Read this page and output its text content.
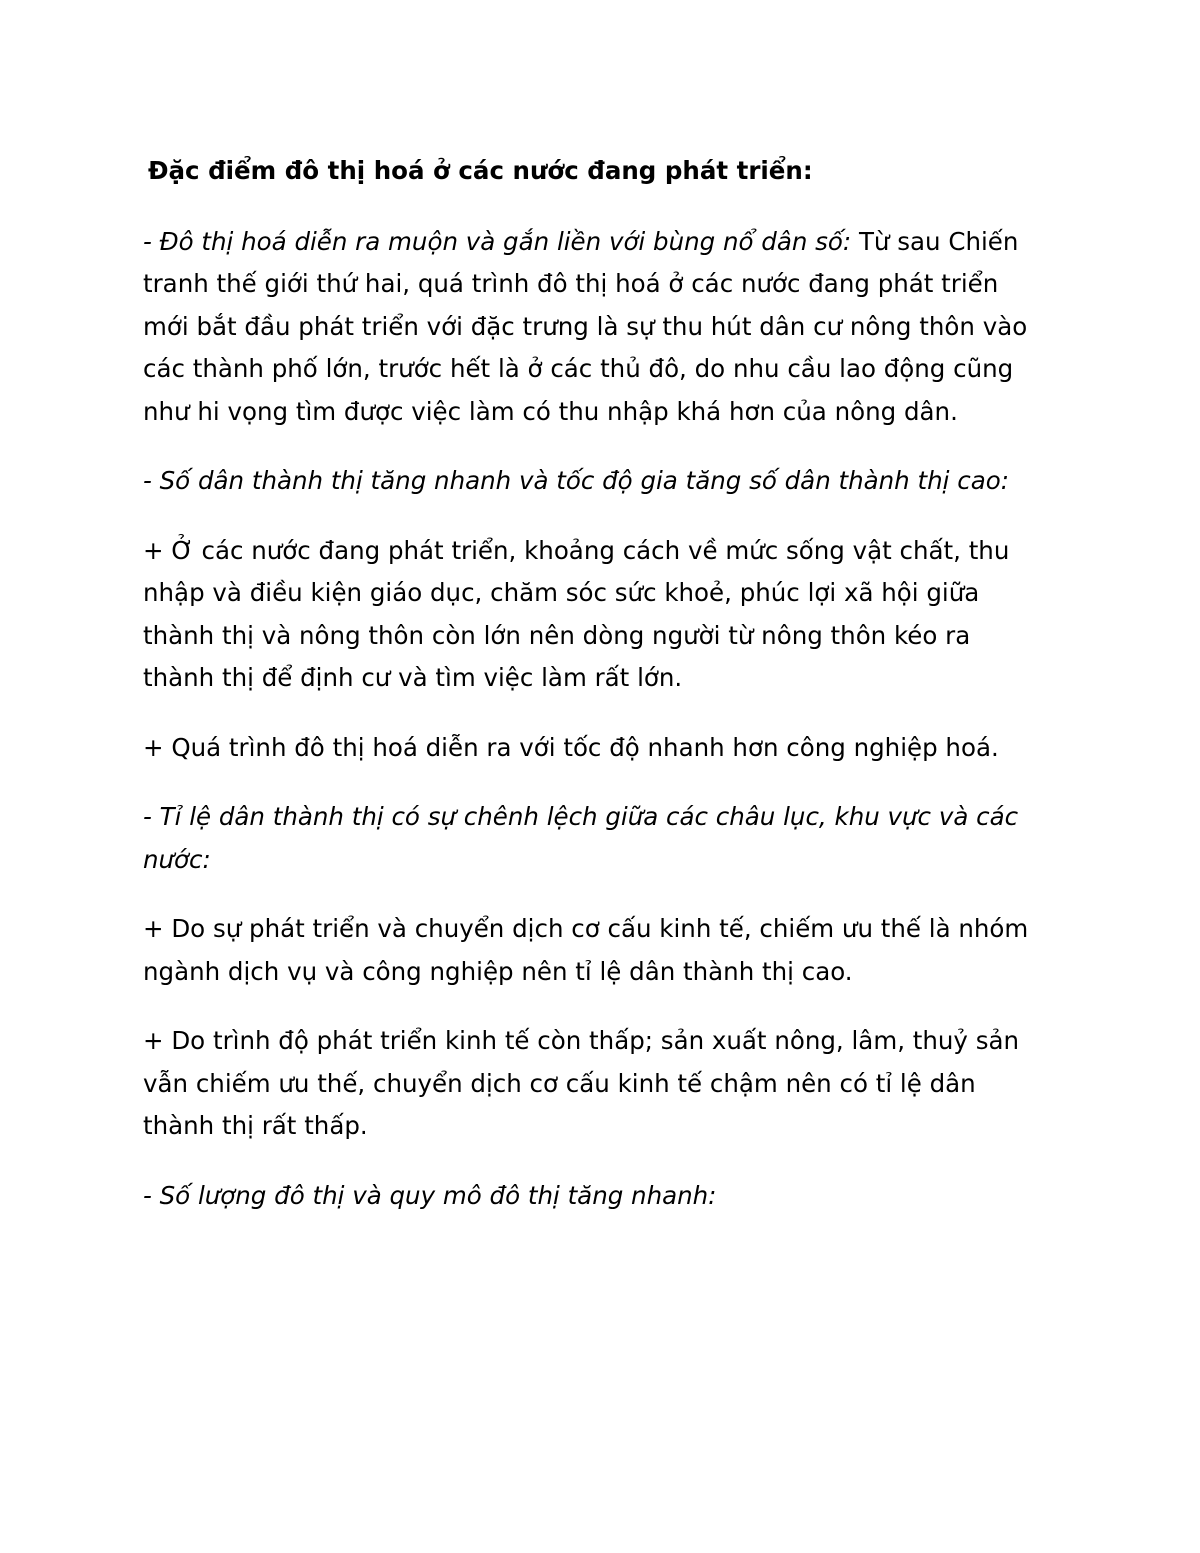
Đặc điểm đô thị hoá ở các nước đang phát triển:

- Đô thị hoá diễn ra muộn và gắn liền với bùng nổ dân số: Từ sau Chiến tranh thế giới thứ hai, quá trình đô thị hoá ở các nước đang phát triển mới bắt đầu phát triển với đặc trưng là sự thu hút dân cư nông thôn vào các thành phố lớn, trước hết là ở các thủ đô, do nhu cầu lao động cũng như hi vọng tìm được việc làm có thu nhập khá hơn của nông dân.

- Số dân thành thị tăng nhanh và tốc độ gia tăng số dân thành thị cao:

+ Ở các nước đang phát triển, khoảng cách về mức sống vật chất, thu nhập và điều kiện giáo dục, chăm sóc sức khoẻ, phúc lợi xã hội giữa thành thị và nông thôn còn lớn nên dòng người từ nông thôn kéo ra thành thị để định cư và tìm việc làm rất lớn.

+ Quá trình đô thị hoá diễn ra với tốc độ nhanh hơn công nghiệp hoá.

- Tỉ lệ dân thành thị có sự chênh lệch giữa các châu lục, khu vực và các nước:

+ Do sự phát triển và chuyển dịch cơ cấu kinh tế, chiếm ưu thế là nhóm ngành dịch vụ và công nghiệp nên tỉ lệ dân thành thị cao.

+ Do trình độ phát triển kinh tế còn thấp; sản xuất nông, lâm, thuỷ sản vẫn chiếm ưu thế, chuyển dịch cơ cấu kinh tế chậm nên có tỉ lệ dân thành thị rất thấp.

- Số lượng đô thị và quy mô đô thị tăng nhanh:
